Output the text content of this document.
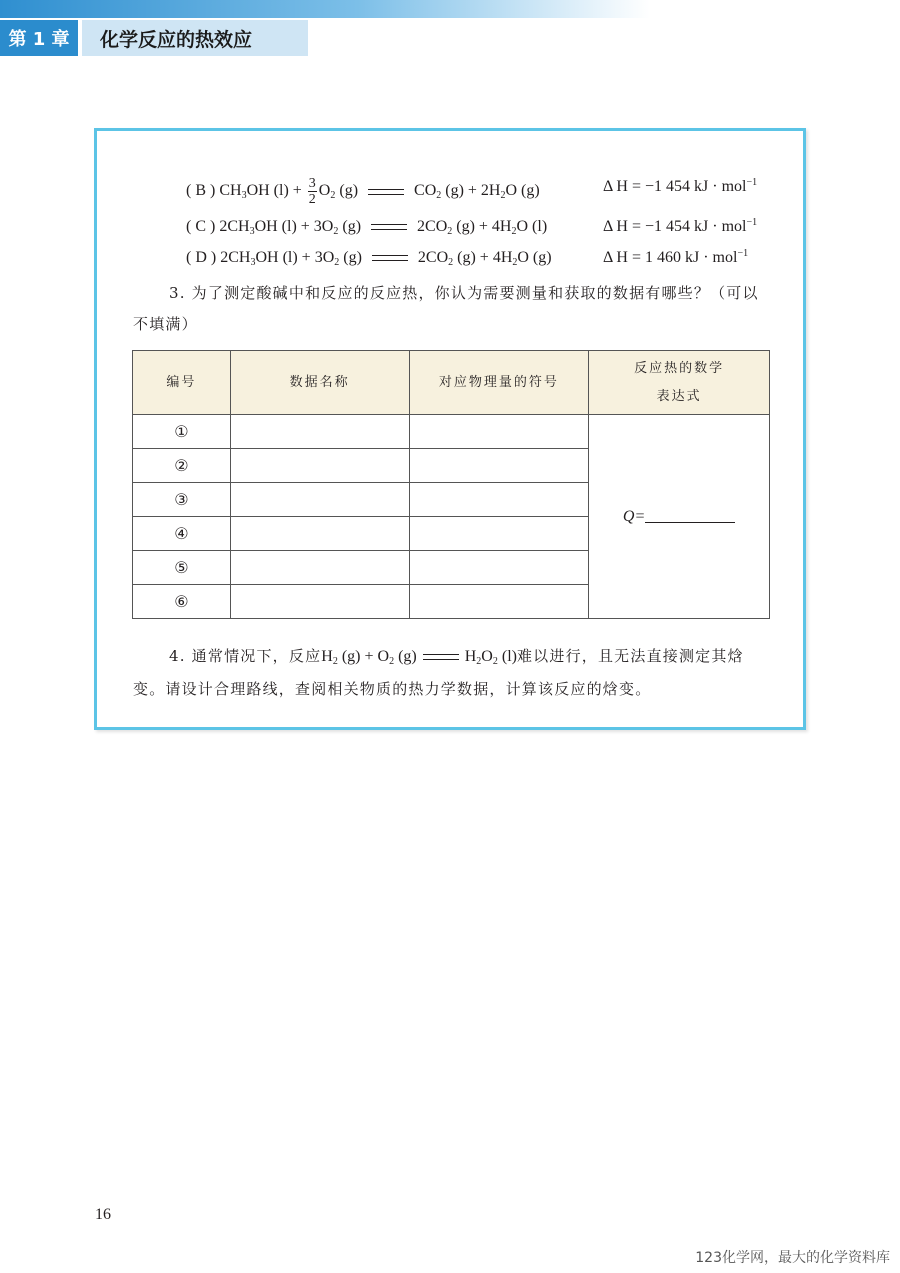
第 1 章	化学反应的热效应
( B ) $CH_3OH$ $(l) + \frac{3}{2} O_2$ (g)	$CO_2$ $(g) + 2H_2O$ (g)	Δ H = −1 454 kJ · mol$^{-1}$
( C ) $2CH_3OH$ $(l) + 3O_2$ (g)	$2CO_2$ $(g) + 4H_2O$ (l)	Δ H = −1 454 kJ · mol$^{-1}$
( D ) $2CH_3OH$ $(l) + 3O_2$ (g)	$2CO_2$ $(g) + 4H_2O$ (g)	Δ H = 1 460 kJ · mol$^{-1}$
3. 为了测定酸碱中和反应的反应热，你认为需要测量和获取的数据有哪些？（可以不填满）
编号	数据名称	对应物理量的符号	反应热的数学
表达式
①			Q=
②			
③			
④			
⑤			
⑥			
4. 通常情况下，反应$H_2$ $(g) + O_2$ (g)	$H_2O_2$ (l)难以进行，且无法直接测定其焓变。请设计合理路线，查阅相关物质的热力学数据，计算该反应的焓变。
16
123化学网，最大的化学资料库
